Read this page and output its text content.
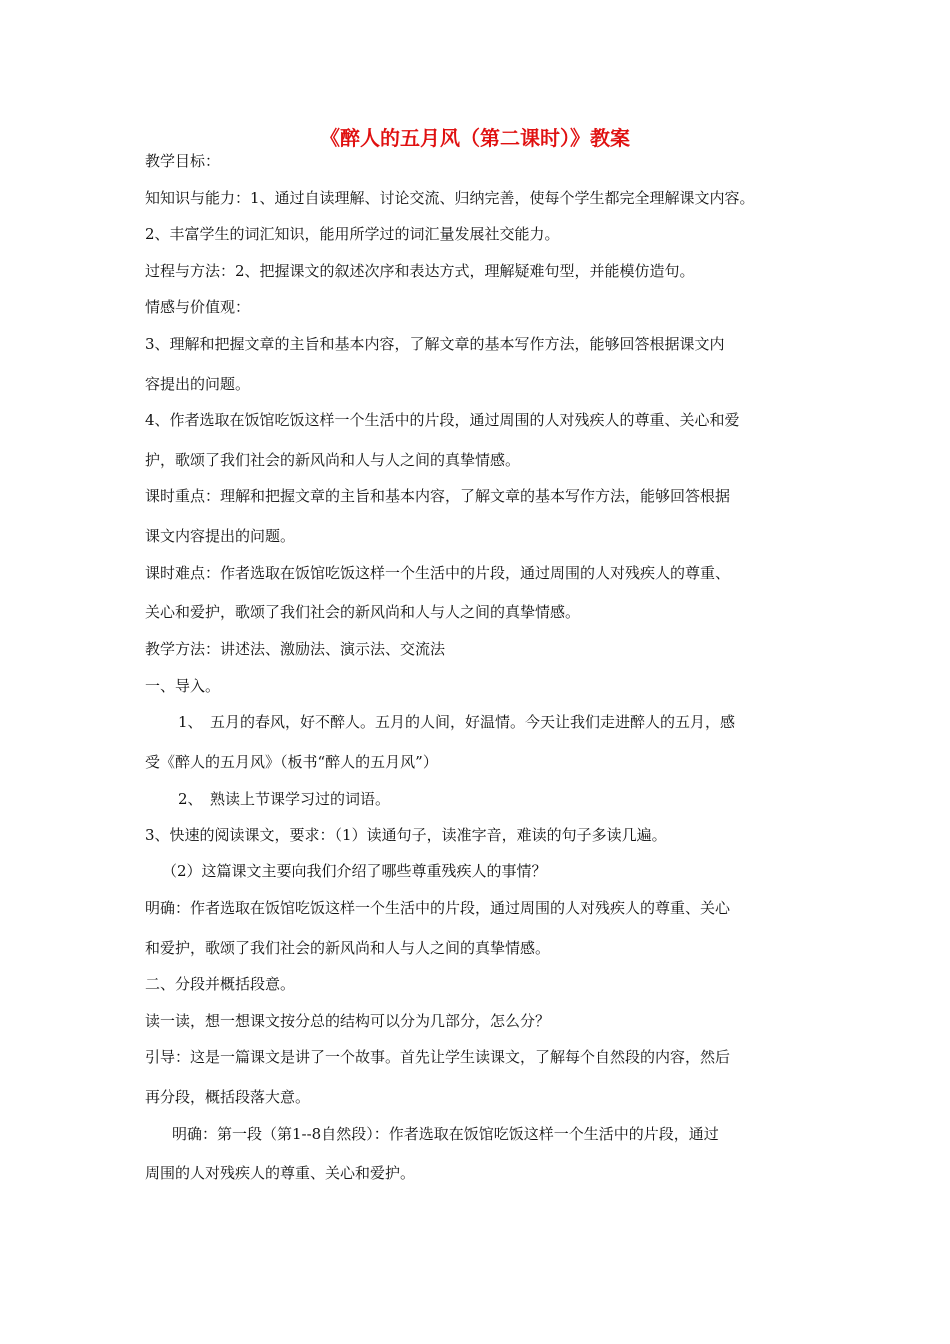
《醉人的五月风（第二课时）》教案
教学目标：
知知识与能力：1、通过自读理解、讨论交流、归纳完善，使每个学生都完全理解课文内容。
2、丰富学生的词汇知识，能用所学过的词汇量发展社交能力。
过程与方法：2、把握课文的叙述次序和表达方式，理解疑难句型，并能模仿造句。
情感与价值观：
3、理解和把握文章的主旨和基本内容，了解文章的基本写作方法，能够回答根据课文内
容提出的问题。
4、作者选取在饭馆吃饭这样一个生活中的片段，通过周围的人对残疾人的尊重、关心和爱
护，歌颂了我们社会的新风尚和人与人之间的真挚情感。
课时重点：理解和把握文章的主旨和基本内容，了解文章的基本写作方法，能够回答根据
课文内容提出的问题。
课时难点：作者选取在饭馆吃饭这样一个生活中的片段，通过周围的人对残疾人的尊重、
关心和爱护，歌颂了我们社会的新风尚和人与人之间的真挚情感。
教学方法：讲述法、激励法、演示法、交流法
一、导入。
1、　五月的春风，好不醉人。五月的人间，好温情。今天让我们走进醉人的五月，感
受《醉人的五月风》（板书“醉人的五月风”）
2、　熟读上节课学习过的词语。
3、快速的阅读课文，要求：（1）读通句子，读准字音，难读的句子多读几遍。
（2）这篇课文主要向我们介绍了哪些尊重残疾人的事情？
明确：作者选取在饭馆吃饭这样一个生活中的片段，通过周围的人对残疾人的尊重、关心
和爱护，歌颂了我们社会的新风尚和人与人之间的真挚情感。
二、分段并概括段意。
读一读，想一想课文按分总的结构可以分为几部分，怎么分？
引导：这是一篇课文是讲了一个故事。首先让学生读课文，了解每个自然段的内容，然后
再分段，概括段落大意。
明确：第一段（第1--8自然段）：作者选取在饭馆吃饭这样一个生活中的片段，通过
周围的人对残疾人的尊重、关心和爱护。
